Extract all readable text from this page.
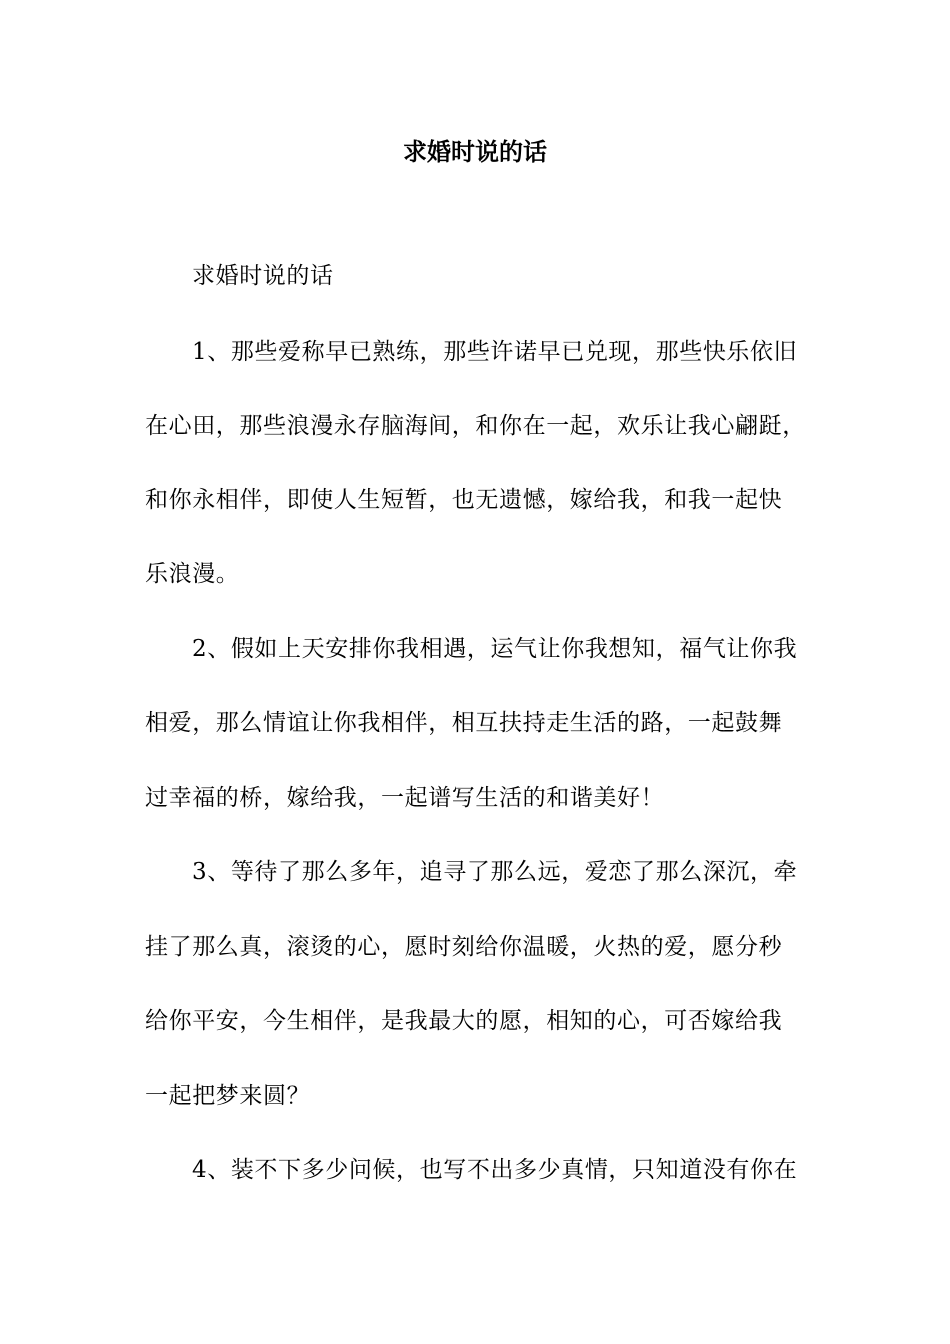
求婚时说的话
求婚时说的话
1、那些爱称早已熟练，那些许诺早已兑现，那些快乐依旧
在心田，那些浪漫永存脑海间，和你在一起，欢乐让我心翩跹，
和你永相伴，即使人生短暂，也无遗憾，嫁给我，和我一起快
乐浪漫。
2、假如上天安排你我相遇，运气让你我想知，福气让你我
相爱，那么情谊让你我相伴，相互扶持走生活的路，一起鼓舞
过幸福的桥，嫁给我，一起谱写生活的和谐美好！
3、等待了那么多年，追寻了那么远，爱恋了那么深沉，牵
挂了那么真，滚烫的心，愿时刻给你温暖，火热的爱，愿分秒
给你平安，今生相伴，是我最大的愿，相知的心，可否嫁给我
一起把梦来圆？
4、装不下多少问候，也写不出多少真情，只知道没有你在
